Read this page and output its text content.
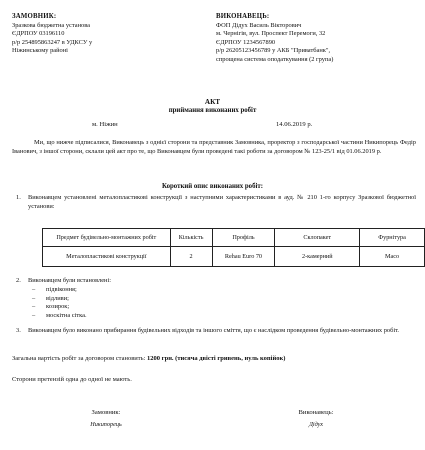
ЗАМОВНИК:
Зразкова бюджетна установа
ЄДРПОУ 03196110
р/р 254895863247 в УДКСУ у
Ніжинському районі
ВИКОНАВЕЦЬ:
ФОП Дідух Василь Вікторович
м. Чернігів, вул. Проспект Перемоги, 32
ЄДРПОУ 1234567890
р/р 26205123456789 у АКБ "Приватбанк",
спрощена система оподаткування (2 група)
АКТ
приймання виконаних робіт
м. Ніжин	14.06.2019 р.
Ми, що нижче підписалися, Виконавець з однієї сторони та представник Замовника, проректор з господарської частини Никипорець Федір Іванович, з іншої сторони, склали цей акт про те, що Виконавцем були проведені такі роботи за договором № 123-25/1 від 01.06.2019 р.
Короткий опис виконаних робіт:
1. Виконавцем установлені металопластикові конструкції з наступними характеристиками в ауд. № 210 1-го корпусу Зразкової бюджетної установи:
Предмет будівельно-монтажних робіт	Кількість	Профіль	Склопакет	Фурнітура
Металопластикові конструкції	2	Rehau Euro 70	2-камерний	Maco
2. Виконавцем були встановлені:
– підвіконня;
– відливи;
– козирок;
– москітна сітка.
3. Виконавцем було виконано прибирання будівельних відходів та іншого сміття, що є наслідком проведення будівельно-монтажних робіт.
Загальна вартість робіт за договором становить: 1200 грн. (тисяча двісті гривень, нуль копійок)
Сторони претензій одна до одної не мають.
Замовник:
Никипорець
Виконавець:
Дідух
